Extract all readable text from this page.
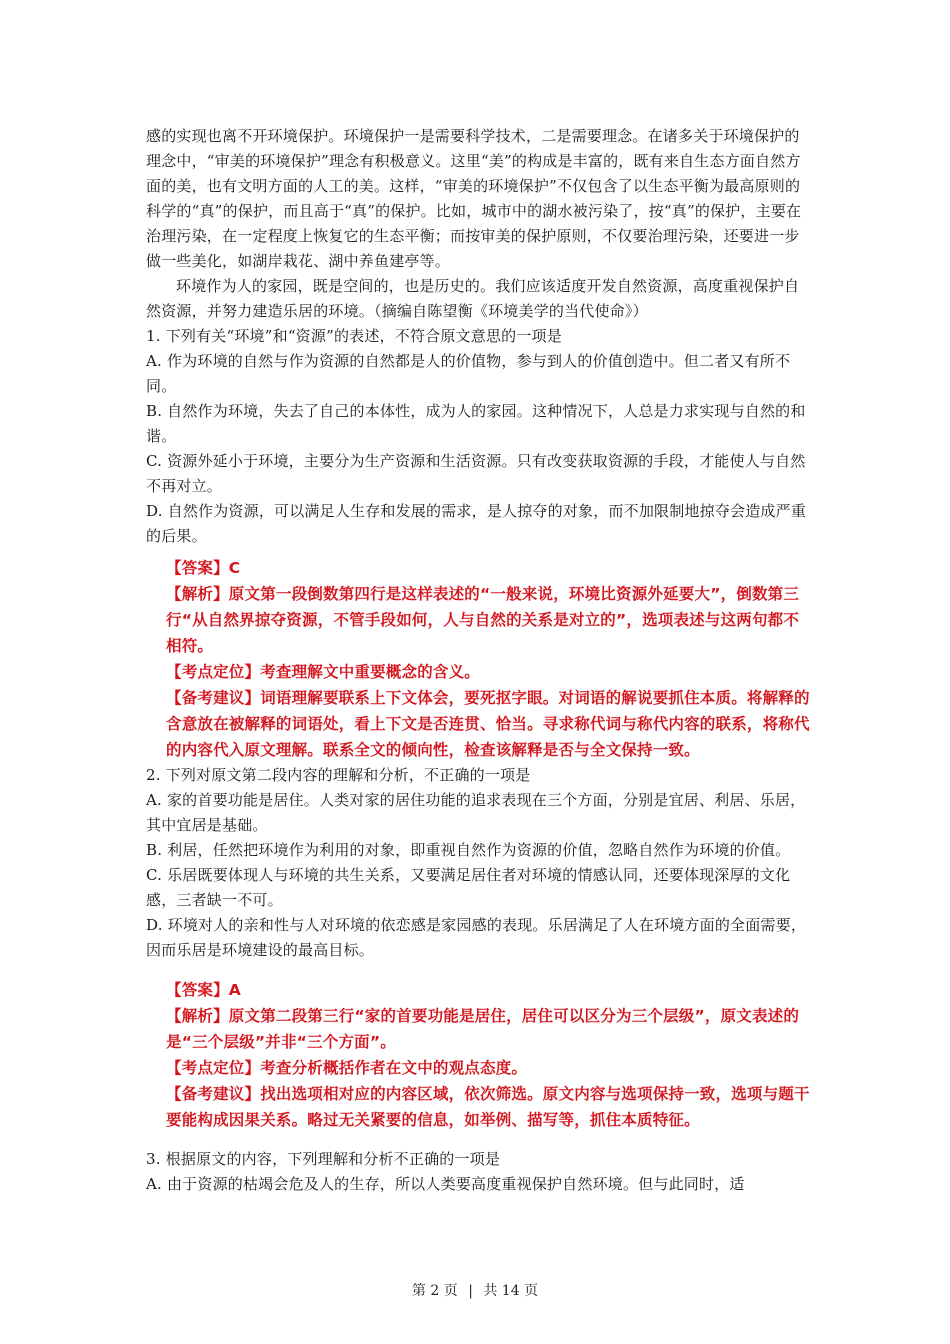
感的实现也离不开环境保护。环境保护一是需要科学技术，二是需要理念。在诸多关于环境保护的理念中，“审美的环境保护”理念有积极意义。这里“美”的构成是丰富的，既有来自生态方面自然方面的美，也有文明方面的人工的美。这样，“审美的环境保护”不仅包含了以生态平衡为最高原则的科学的“真”的保护，而且高于“真”的保护。比如，城市中的湖水被污染了，按“真”的保护，主要在治理污染，在一定程度上恢复它的生态平衡；而按审美的保护原则，不仅要治理污染，还要进一步做一些美化，如湖岸栽花、湖中养鱼建亭等。

环境作为人的家园，既是空间的，也是历史的。我们应该适度开发自然资源，高度重视保护自然资源，并努力建造乐居的环境。（摘编自陈望衡《环境美学的当代使命》）

1. 下列有关“环境”和“资源”的表述，不符合原文意思的一项是

A. 作为环境的自然与作为资源的自然都是人的价值物，参与到人的价值创造中。但二者又有所不同。

B. 自然作为环境，失去了自己的本体性，成为人的家园。这种情况下，人总是力求实现与自然的和谐。

C. 资源外延小于环境，主要分为生产资源和生活资源。只有改变获取资源的手段，才能使人与自然不再对立。

D. 自然作为资源，可以满足人生存和发展的需求，是人掠夺的对象，而不加限制地掠夺会造成严重的后果。

【答案】C

【解析】原文第一段倒数第四行是这样表述的“一般来说，环境比资源外延要大”，倒数第三行“从自然界掠夺资源，不管手段如何，人与自然的关系是对立的”，选项表述与这两句都不相符。

【考点定位】考查理解文中重要概念的含义。

【备考建议】词语理解要联系上下文体会，要死抠字眼。对词语的解说要抓住本质。将解释的含意放在被解释的词语处，看上下文是否连贯、恰当。寻求称代词与称代内容的联系，将称代的内容代入原文理解。联系全文的倾向性，检查该解释是否与全文保持一致。

2. 下列对原文第二段内容的理解和分析，不正确的一项是

A. 家的首要功能是居住。人类对家的居住功能的追求表现在三个方面，分别是宜居、利居、乐居，其中宜居是基础。

B. 利居，任然把环境作为利用的对象，即重视自然作为资源的价值，忽略自然作为环境的价值。

C. 乐居既要体现人与环境的共生关系，又要满足居住者对环境的情感认同，还要体现深厚的文化感，三者缺一不可。

D. 环境对人的亲和性与人对环境的依恋感是家园感的表现。乐居满足了人在环境方面的全面需要，因而乐居是环境建设的最高目标。

【答案】A

【解析】原文第二段第三行“家的首要功能是居住，居住可以区分为三个层级”，原文表述的是“三个层级”并非“三个方面”。

【考点定位】考查分析概括作者在文中的观点态度。

【备考建议】找出选项相对应的内容区域，依次筛选。原文内容与选项保持一致，选项与题干要能构成因果关系。略过无关紧要的信息，如举例、描写等，抓住本质特征。

3. 根据原文的内容，下列理解和分析不正确的一项是

A. 由于资源的枯竭会危及人的生存，所以人类要高度重视保护自然环境。但与此同时，适

第 2 页 | 共 14 页
